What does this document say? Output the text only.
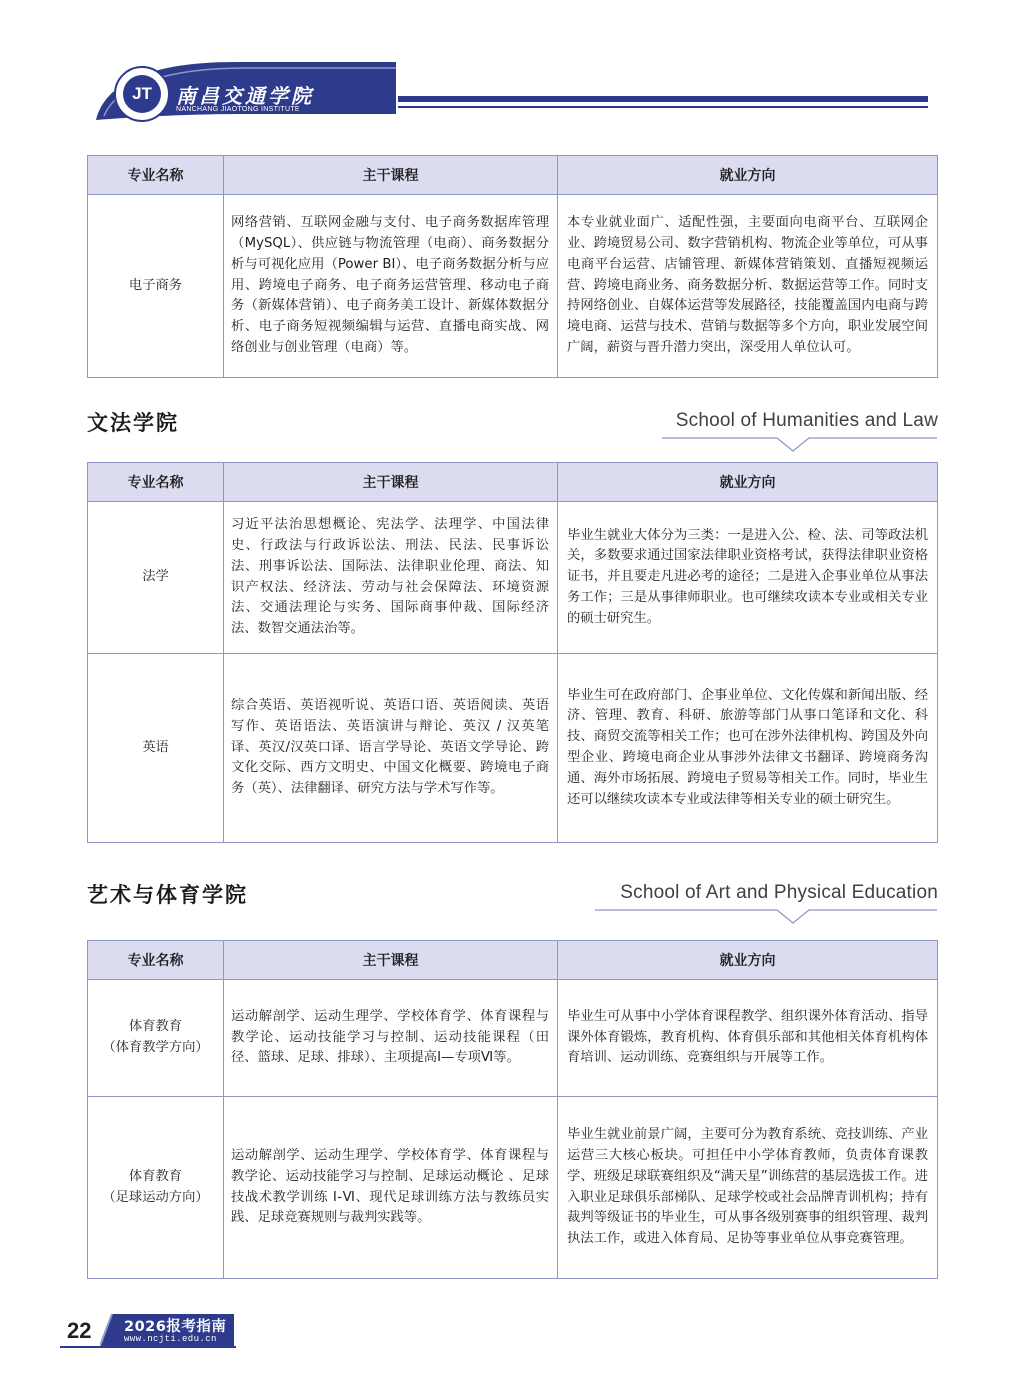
JT	南昌交通学院
NANCHANG JIAOTONG INSTITUTE
专业名称	主干课程	就业方向
电子商务	网络营销、互联网金融与支付、电子商务数据库管理（MySQL）、供应链与物流管理（电商）、商务数据分析与可视化应用（Power BI）、电子商务数据分析与应用、跨境电子商务、电子商务运营管理、移动电子商务（新媒体营销）、电子商务美工设计、新媒体数据分析、电子商务短视频编辑与运营、直播电商实战、网络创业与创业管理（电商）等。	本专业就业面广、适配性强，主要面向电商平台、互联网企业、跨境贸易公司、数字营销机构、物流企业等单位，可从事电商平台运营、店铺管理、新媒体营销策划、直播短视频运营、跨境电商业务、商务数据分析、数据运营等工作。同时支持网络创业、自媒体运营等发展路径，技能覆盖国内电商与跨境电商、运营与技术、营销与数据等多个方向，职业发展空间广阔，薪资与晋升潜力突出，深受用人单位认可。
文法学院	School of Humanities and Law
专业名称	主干课程	就业方向
法学	习近平法治思想概论、宪法学、法理学、中国法律史、行政法与行政诉讼法、刑法、民法、民事诉讼法、刑事诉讼法、国际法、法律职业伦理、商法、知识产权法、经济法、劳动与社会保障法、环境资源法、交通法理论与实务、国际商事仲裁、国际经济法、数智交通法治等。	毕业生就业大体分为三类：一是进入公、检、法、司等政法机关，多数要求通过国家法律职业资格考试，获得法律职业资格证书，并且要走凡进必考的途径；二是进入企事业单位从事法务工作；三是从事律师职业。也可继续攻读本专业或相关专业的硕士研究生。
英语	综合英语、英语视听说、英语口语、英语阅读、英语写作、英语语法、英语演讲与辩论、英汉 / 汉英笔译、英汉/汉英口译、语言学导论、英语文学导论、跨文化交际、西方文明史、中国文化概要、跨境电子商务（英）、法律翻译、研究方法与学术写作等。	毕业生可在政府部门、企事业单位、文化传媒和新闻出版、经济、管理、教育、科研、旅游等部门从事口笔译和文化、科技、商贸交流等相关工作；也可在涉外法律机构、跨国及外向型企业、跨境电商企业从事涉外法律文书翻译、跨境商务沟通、海外市场拓展、跨境电子贸易等相关工作。同时，毕业生还可以继续攻读本专业或法律等相关专业的硕士研究生。
艺术与体育学院	School of Art and Physical Education
专业名称	主干课程	就业方向

体育教育
（体育教学方向）	运动解剖学、运动生理学、学校体育学、体育课程与教学论、运动技能学习与控制、运动技能课程（田径、篮球、足球、排球）、主项提高Ⅰ—专项Ⅵ等。	毕业生可从事中小学体育课程教学、组织课外体育活动、指导课外体育锻炼，教育机构、体育俱乐部和其他相关体育机构体育培训、运动训练、竞赛组织与开展等工作。

体育教育
（足球运动方向）	运动解剖学、运动生理学、学校体育学、体育课程与教学论、运动技能学习与控制、足球运动概论 、足球技战术教学训练 Ⅰ-Ⅵ、现代足球训练方法与教练员实践、足球竞赛规则与裁判实践等。	毕业生就业前景广阔，主要可分为教育系统、竞技训练、产业运营三大核心板块。可担任中小学体育教师，负责体育课教学、班级足球联赛组织及“满天星”训练营的基层选拔工作。进入职业足球俱乐部梯队、足球学校或社会品牌青训机构；持有裁判等级证书的毕业生，可从事各级别赛事的组织管理、裁判执法工作，或进入体育局、足协等事业单位从事竞赛管理。
22 2026报考指南
www.ncjti.edu.cn
